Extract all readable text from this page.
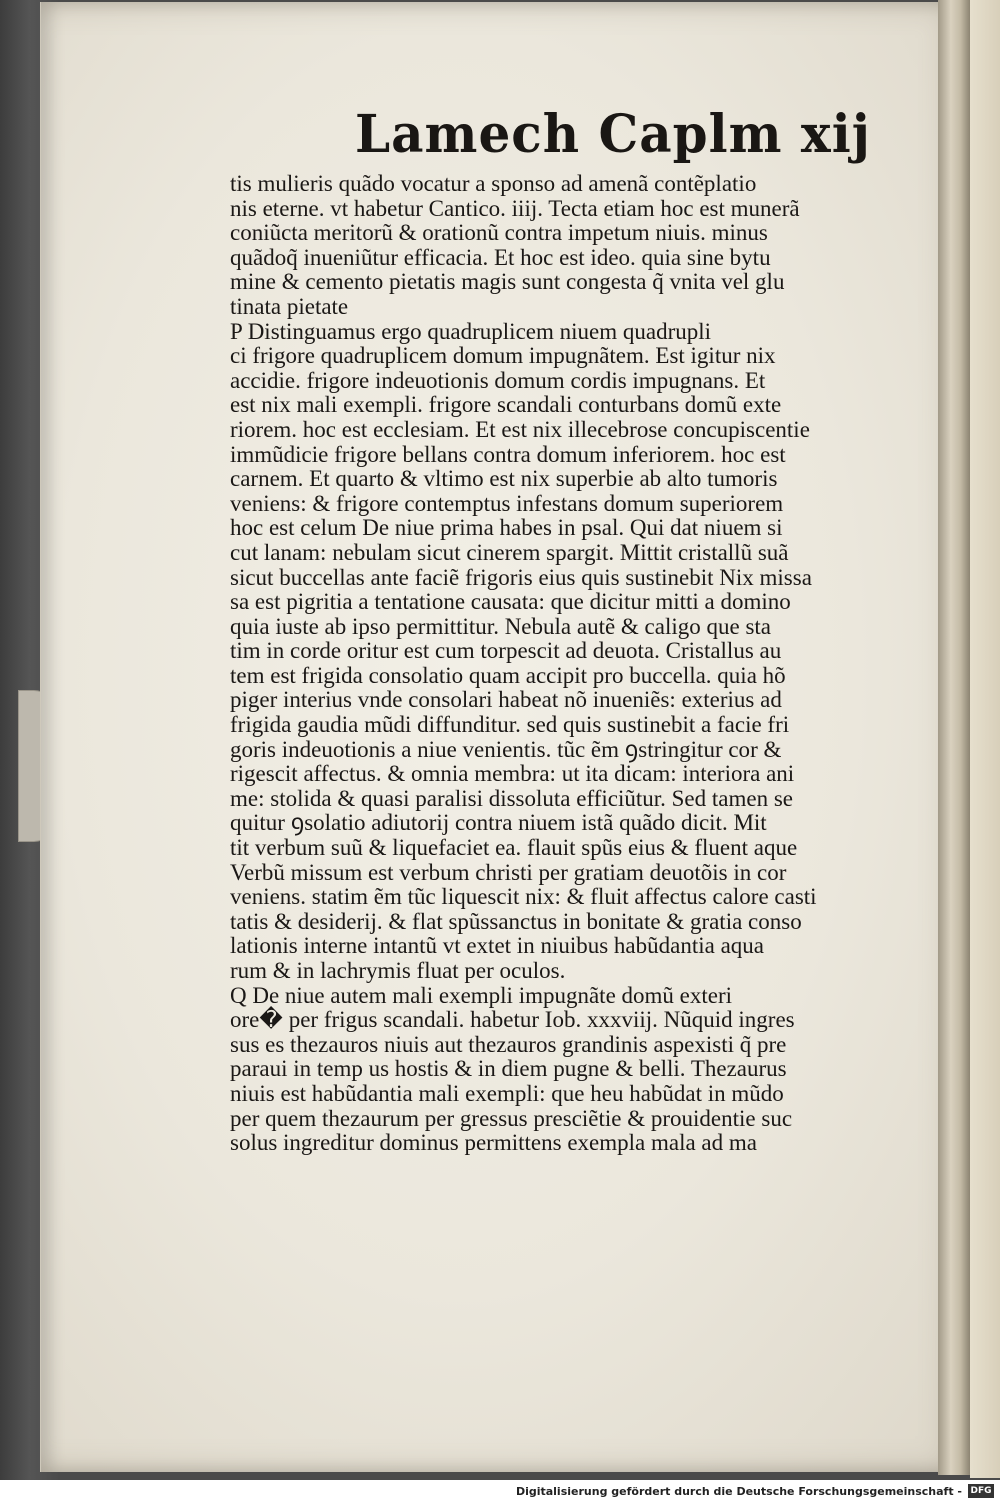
Lamech Caplm xij
tis mulieris quãdo vocatur a sponso ad amenã contẽplatio
nis eterne. vt habetur Cantico. iiij. Tecta etiam hoc est munerã
coniũcta meritorũ & orationũ contra impetum niuis. minus
quãdoq̃ inueniũtur efficacia. Et hoc est ideo. quia sine bytu
mine & cemento pietatis magis sunt congesta q̃ vnita vel glu
tinata pietate
P Distinguamus ergo quadruplicem niuem quadrupli
ci frigore quadruplicem domum impugnãtem. Est igitur nix
accidie. frigore indeuotionis domum cordis impugnans. Et
est nix mali exempli. frigore scandali conturbans domũ exte
riorem. hoc est ecclesiam. Et est nix illecebrose concupiscentie
immũdicie frigore bellans contra domum inferiorem. hoc est
carnem. Et quarto & vltimo est nix superbie ab alto tumoris
veniens: & frigore contemptus infestans domum superiorem
hoc est celum De niue prima habes in psal. Qui dat niuem si
cut lanam: nebulam sicut cinerem spargit. Mittit cristallũ suã
sicut buccellas ante faciẽ frigoris eius quis sustinebit Nix missa
sa est pigritia a tentatione causata: que dicitur mitti a domino
quia iuste ab ipso permittitur. Nebula autẽ & caligo que sta
tim in corde oritur est cum torpescit ad deuota. Cristallus au
tem est frigida consolatio quam accipit pro buccella. quia hõ
piger interius vnde consolari habeat nõ inueniẽs: exterius ad
frigida gaudia mũdi diffunditur. sed quis sustinebit a facie fri
goris indeuotionis a niue venientis. tũc ẽm ꝯstringitur cor &
rigescit affectus. & omnia membra: ut ita dicam: interiora ani
me: stolida & quasi paralisi dissoluta efficiũtur. Sed tamen se
quitur ꝯsolatio adiutorij contra niuem istã quãdo dicit. Mit
tit verbum suũ & liquefaciet ea. flauit spũs eius & fluent aque
Verbũ missum est verbum christi per gratiam deuotõis in cor
veniens. statim ẽm tũc liquescit nix: & fluit affectus calore casti
tatis & desiderij. & flat spũssanctus in bonitate & gratia conso
lationis interne intantũ vt extet in niuibus habũdantia aqua
rum & in lachrymis fluat per oculos.
Q De niue autem mali exempli impugnãte domũ exteri
ore� per frigus scandali. habetur Iob. xxxviij. Nũquid ingres
sus es thezauros niuis aut thezauros grandinis aspexisti q̃ pre
paraui in temp us hostis & in diem pugne & belli. Thezaurus
niuis est habũdantia mali exempli: que heu habũdat in mũdo
per quem thezaurum per gressus presciẽtie & prouidentie suc
solus ingreditur dominus permittens exempla mala ad ma
Digitalisierung gefördert durch die Deutsche Forschungsgemeinschaft - DFG
